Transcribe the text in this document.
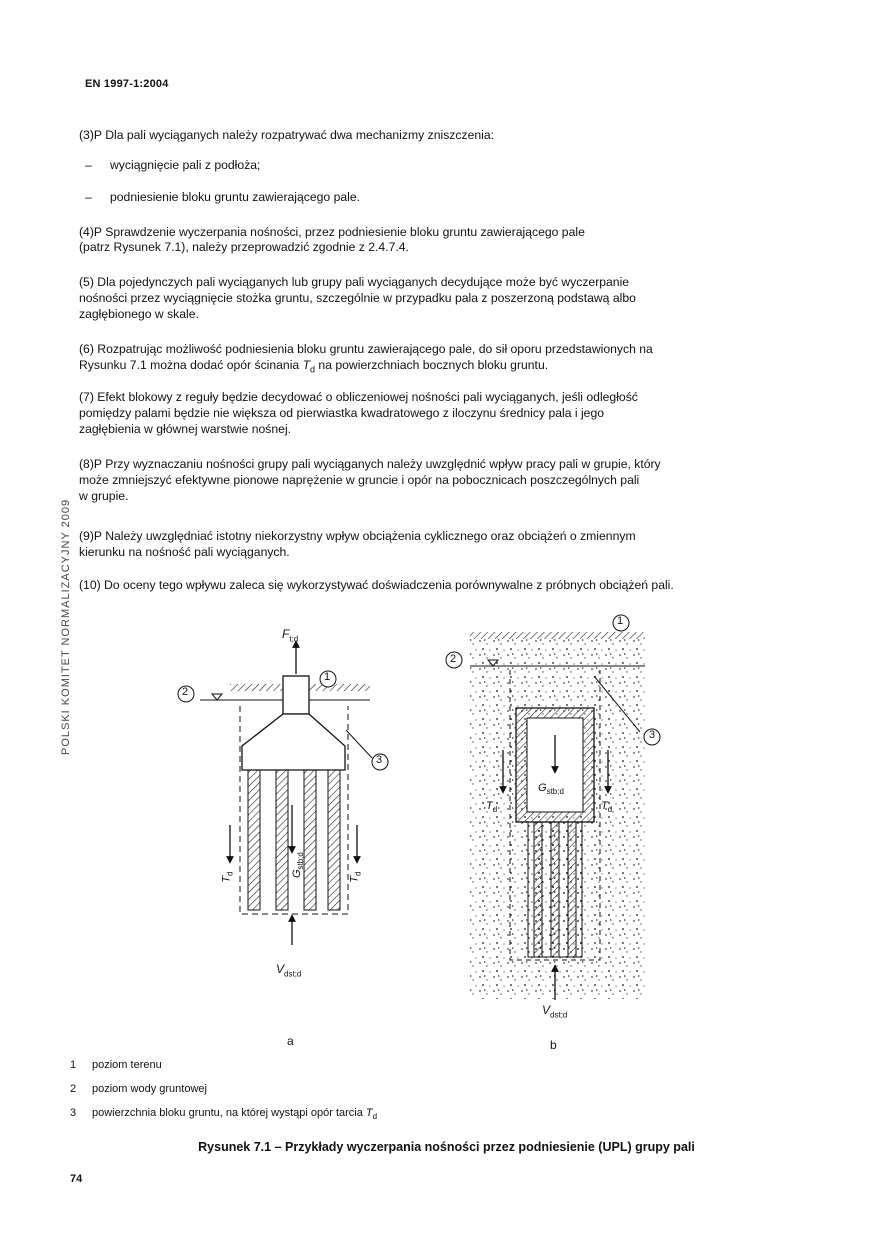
EN 1997-1:2004
(3)P Dla pali wyciąganych należy rozpatrywać dwa mechanizmy zniszczenia:
– wyciągnięcie pali z podłoża;
– podniesienie bloku gruntu zawierającego pale.
(4)P Sprawdzenie wyczerpania nośności, przez podniesienie bloku gruntu zawierającego pale
(patrz Rysunek 7.1), należy przeprowadzić zgodnie z 2.4.7.4.
(5) Dla pojedynczych pali wyciąganych lub grupy pali wyciąganych decydujące może być wyczerpanie
nośności przez wyciągnięcie stożka gruntu, szczególnie w przypadku pala z poszerzoną podstawą albo
zagłębionego w skale.
(6) Rozpatrując możliwość podniesienia bloku gruntu zawierającego pale, do sił oporu przedstawionych na
Rysunku 7.1 można dodać opór ścinania $T_d$ na powierzchniach bocznych bloku gruntu.
(7) Efekt blokowy z reguły będzie decydować o obliczeniowej nośności pali wyciąganych, jeśli odległość
pomiędzy palami będzie nie większa od pierwiastka kwadratowego z iloczynu średnicy pala i jego
zagłębienia w głównej warstwie nośnej.
(8)P Przy wyznaczaniu nośności grupy pali wyciąganych należy uwzględnić wpływ pracy pali w grupie, który
może zmniejszyć efektywne pionowe naprężenie w gruncie i opór na pobocznicach poszczególnych pali
w grupie.
(9)P Należy uwzględniać istotny niekorzystny wpływ obciążenia cyklicznego oraz obciążeń o zmiennym
kierunku na nośność pali wyciąganych.
(10) Do oceny tego wpływu zaleca się wykorzystywać doświadczenia porównywalne z próbnych obciążeń pali.
POLSKI KOMITET NORMALIZACYJNY 2009	$F_{t;d}$
1
2
3
$G_{stb;d}$
$T_d$
$T_d$
$V_{dst;d}$
a
1
2
3
$G_{stb;d}$
$T_d$	$T_d$
$V_{dst;d}$
b
1 poziom terenu
2 poziom wody gruntowej
3 powierzchnia bloku gruntu, na której wystąpi opór tarcia $T_d$
Rysunek 7.1 – Przykłady wyczerpania nośności przez podniesienie (UPL) grupy pali
74
